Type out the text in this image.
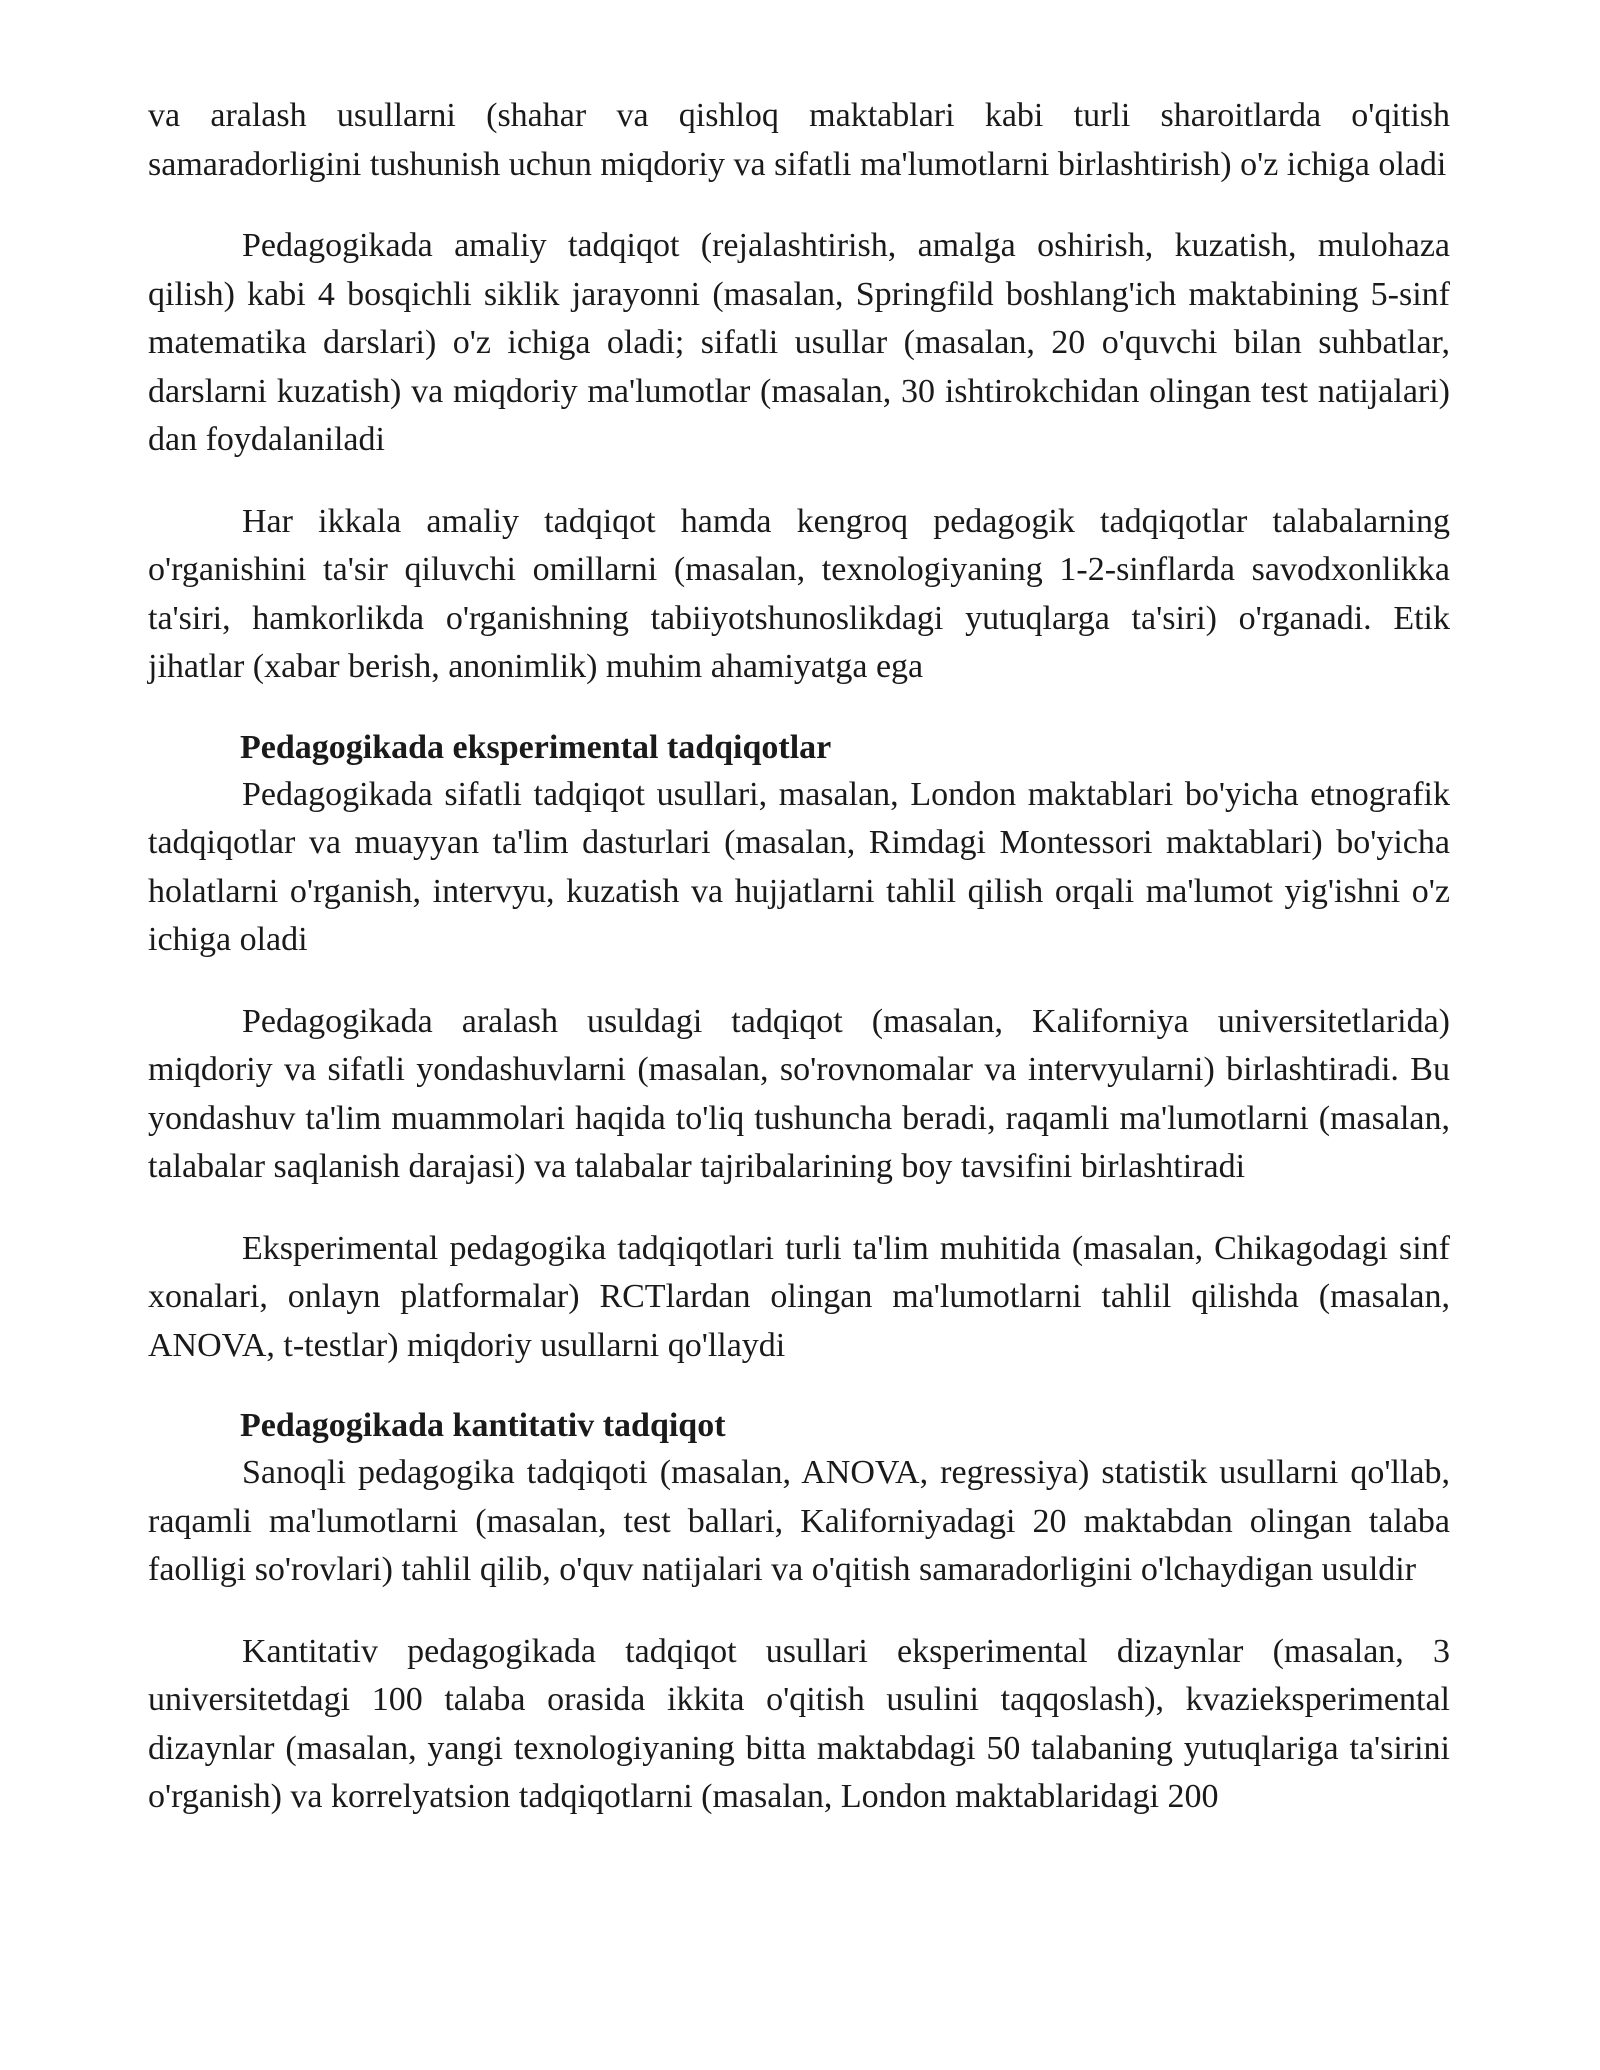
va aralash usullarni (shahar va qishloq maktablari kabi turli sharoitlarda o'qitish samaradorligini tushunish uchun miqdoriy va sifatli ma'lumotlarni birlashtirish) o'z ichiga oladi

Pedagogikada amaliy tadqiqot (rejalashtirish, amalga oshirish, kuzatish, mulohaza qilish) kabi 4 bosqichli siklik jarayonni (masalan, Springfild boshlang'ich maktabining 5-sinf matematika darslari) o'z ichiga oladi; sifatli usullar (masalan, 20 o'quvchi bilan suhbatlar, darslarni kuzatish) va miqdoriy ma'lumotlar (masalan, 30 ishtirokchidan olingan test natijalari) dan foydalaniladi

Har ikkala amaliy tadqiqot hamda kengroq pedagogik tadqiqotlar talabalarning o'rganishini ta'sir qiluvchi omillarni (masalan, texnologiyaning 1-2-sinflarda savodxonlikka ta'siri, hamkorlikda o'rganishning tabiiyotshunoslikdagi yutuqlarga ta'siri) o'rganadi. Etik jihatlar (xabar berish, anonimlik) muhim ahamiyatga ega

Pedagogikada eksperimental tadqiqotlar

Pedagogikada sifatli tadqiqot usullari, masalan, London maktablari bo'yicha etnografik tadqiqotlar va muayyan ta'lim dasturlari (masalan, Rimdagi Montessori maktablari) bo'yicha holatlarni o'rganish, intervyu, kuzatish va hujjatlarni tahlil qilish orqali ma'lumot yig'ishni o'z ichiga oladi

Pedagogikada aralash usuldagi tadqiqot (masalan, Kaliforniya universitetlarida) miqdoriy va sifatli yondashuvlarni (masalan, so'rovnomalar va intervyularni) birlashtiradi. Bu yondashuv ta'lim muammolari haqida to'liq tushuncha beradi, raqamli ma'lumotlarni (masalan, talabalar saqlanish darajasi) va talabalar tajribalarining boy tavsifini birlashtiradi

Eksperimental pedagogika tadqiqotlari turli ta'lim muhitida (masalan, Chikagodagi sinf xonalari, onlayn platformalar) RCTlardan olingan ma'lumotlarni tahlil qilishda (masalan, ANOVA, t-testlar) miqdoriy usullarni qo'llaydi

Pedagogikada kantitativ tadqiqot

Sanoqli pedagogika tadqiqoti (masalan, ANOVA, regressiya) statistik usullarni qo'llab, raqamli ma'lumotlarni (masalan, test ballari, Kaliforniyadagi 20 maktabdan olingan talaba faolligi so'rovlari) tahlil qilib, o'quv natijalari va o'qitish samaradorligini o'lchaydigan usuldir

Kantitativ pedagogikada tadqiqot usullari eksperimental dizaynlar (masalan, 3 universitetdagi 100 talaba orasida ikkita o'qitish usulini taqqoslash), kvazieksperimental dizaynlar (masalan, yangi texnologiyaning bitta maktabdagi 50 talabaning yutuqlariga ta'sirini o'rganish) va korrelyatsion tadqiqotlarni (masalan, London maktablaridagi 200
